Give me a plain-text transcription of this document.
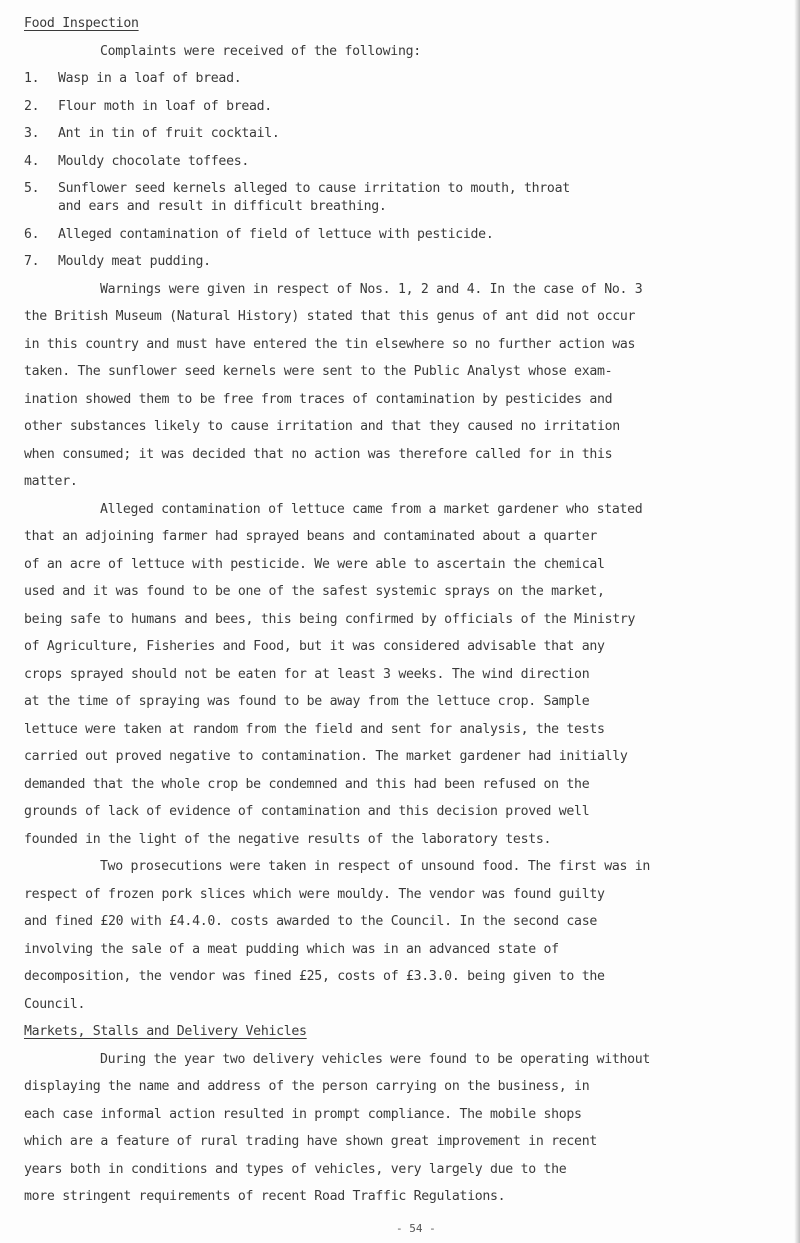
Food Inspection
Complaints were received of the following:
1.	Wasp in a loaf of bread.
2.	Flour moth in loaf of bread.
3.	Ant in tin of fruit cocktail.
4.	Mouldy chocolate toffees.
5.	Sunflower seed kernels alleged to cause irritation to mouth, throat
and ears and result in difficult breathing.
6.	Alleged contamination of field of lettuce with pesticide.
7.	Mouldy meat pudding.
Warnings were given in respect of Nos. 1, 2 and 4. In the case of No. 3
the British Museum (Natural History) stated that this genus of ant did not occur
in this country and must have entered the tin elsewhere so no further action was
taken. The sunflower seed kernels were sent to the Public Analyst whose exam-
ination showed them to be free from traces of contamination by pesticides and
other substances likely to cause irritation and that they caused no irritation
when consumed; it was decided that no action was therefore called for in this
matter.
Alleged contamination of lettuce came from a market gardener who stated
that an adjoining farmer had sprayed beans and contaminated about a quarter
of an acre of lettuce with pesticide. We were able to ascertain the chemical
used and it was found to be one of the safest systemic sprays on the market,
being safe to humans and bees, this being confirmed by officials of the Ministry
of Agriculture, Fisheries and Food, but it was considered advisable that any
crops sprayed should not be eaten for at least 3 weeks. The wind direction
at the time of spraying was found to be away from the lettuce crop. Sample
lettuce were taken at random from the field and sent for analysis, the tests
carried out proved negative to contamination. The market gardener had initially
demanded that the whole crop be condemned and this had been refused on the
grounds of lack of evidence of contamination and this decision proved well
founded in the light of the negative results of the laboratory tests.
Two prosecutions were taken in respect of unsound food. The first was in
respect of frozen pork slices which were mouldy. The vendor was found guilty
and fined £20 with £4.4.0. costs awarded to the Council. In the second case
involving the sale of a meat pudding which was in an advanced state of
decomposition, the vendor was fined £25, costs of £3.3.0. being given to the
Council.
Markets, Stalls and Delivery Vehicles
During the year two delivery vehicles were found to be operating without
displaying the name and address of the person carrying on the business, in
each case informal action resulted in prompt compliance. The mobile shops
which are a feature of rural trading have shown great improvement in recent
years both in conditions and types of vehicles, very largely due to the
more stringent requirements of recent Road Traffic Regulations.
- 54 -
